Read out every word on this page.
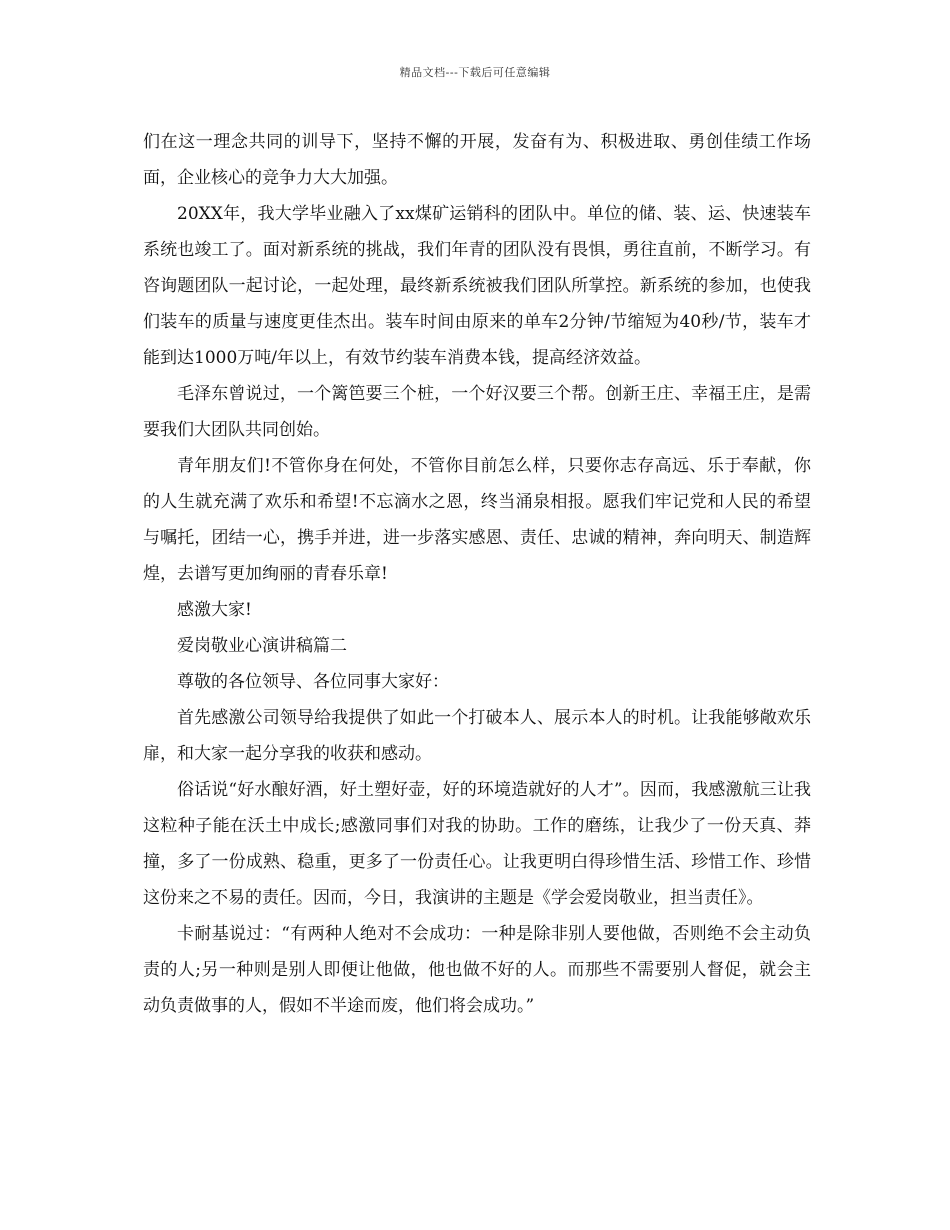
精品文档---下载后可任意编辑

们在这一理念共同的训导下，坚持不懈的开展，发奋有为、积极进取、勇创佳绩工作场面，企业核心的竞争力大大加强。

20XX年，我大学毕业融入了xx煤矿运销科的团队中。单位的储、装、运、快速装车系统也竣工了。面对新系统的挑战，我们年青的团队没有畏惧，勇往直前，不断学习。有咨询题团队一起讨论，一起处理，最终新系统被我们团队所掌控。新系统的参加，也使我们装车的质量与速度更佳杰出。装车时间由原来的单车2分钟/节缩短为40秒/节，装车才能到达1000万吨/年以上，有效节约装车消费本钱，提高经济效益。

毛泽东曾说过，一个篱笆要三个桩，一个好汉要三个帮。创新王庄、幸福王庄，是需要我们大团队共同创始。

青年朋友们!不管你身在何处，不管你目前怎么样，只要你志存高远、乐于奉献，你的人生就充满了欢乐和希望!不忘滴水之恩，终当涌泉相报。愿我们牢记党和人民的希望与嘱托，团结一心，携手并进，进一步落实感恩、责任、忠诚的精神，奔向明天、制造辉煌，去谱写更加绚丽的青春乐章!

感激大家!

爱岗敬业心演讲稿篇二

尊敬的各位领导、各位同事大家好：

首先感激公司领导给我提供了如此一个打破本人、展示本人的时机。让我能够敞欢乐扉，和大家一起分享我的收获和感动。

俗话说“好水酿好酒，好土塑好壶，好的环境造就好的人才”。因而，我感激航三让我这粒种子能在沃土中成长;感激同事们对我的协助。工作的磨练，让我少了一份天真、莽撞，多了一份成熟、稳重，更多了一份责任心。让我更明白得珍惜生活、珍惜工作、珍惜这份来之不易的责任。因而，今日，我演讲的主题是《学会爱岗敬业，担当责任》。

卡耐基说过：“有两种人绝对不会成功：一种是除非别人要他做，否则绝不会主动负责的人;另一种则是别人即便让他做，他也做不好的人。而那些不需要别人督促，就会主动负责做事的人，假如不半途而废，他们将会成功。”
